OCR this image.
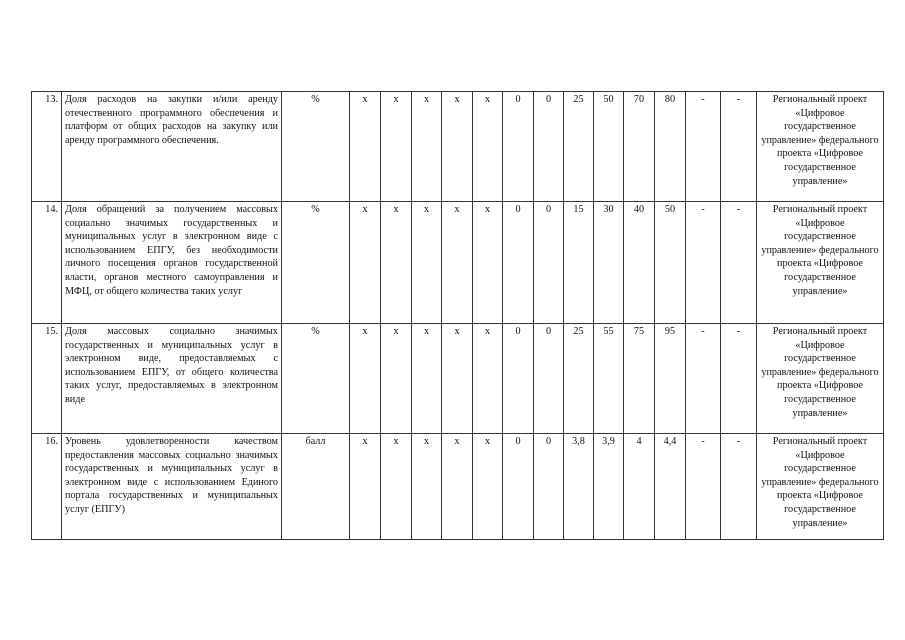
13.	Доля расходов на закупки и/или аренду отечественного программного обеспечения и платформ от общих расходов на закупку или аренду программного обеспечения.	%	х	х	х	х	х	0	0	25	50	70	80	-	-	Региональный проект «Цифровое государственное управление» федерального проекта «Цифровое государственное управление»
14.	Доля обращений за получением массовых социально значимых государственных и муниципальных услуг в электронном виде с использованием ЕПГУ, без необходимости личного посещения органов государственной власти, органов местного самоуправления и МФЦ, от общего количества таких услуг	%	х	х	х	х	х	0	0	15	30	40	50	-	-	Региональный проект «Цифровое государственное управление» федерального проекта «Цифровое государственное управление»
15.	Доля массовых социально значимых государственных и муниципальных услуг в электронном виде, предоставляемых с использованием ЕПГУ, от общего количества таких услуг, предоставляемых в электронном виде	%	х	х	х	х	х	0	0	25	55	75	95	-	-	Региональный проект «Цифровое государственное управление» федерального проекта «Цифровое государственное управление»
16.	Уровень удовлетворенности качеством предоставления массовых социально значимых государственных и муниципальных услуг в электронном виде с использованием Единого портала государственных и муниципальных услуг (ЕПГУ)	балл	х	х	х	х	х	0	0	3,8	3,9	4	4,4	-	-	Региональный проект «Цифровое государственное управление» федерального проекта «Цифровое государственное управление»
